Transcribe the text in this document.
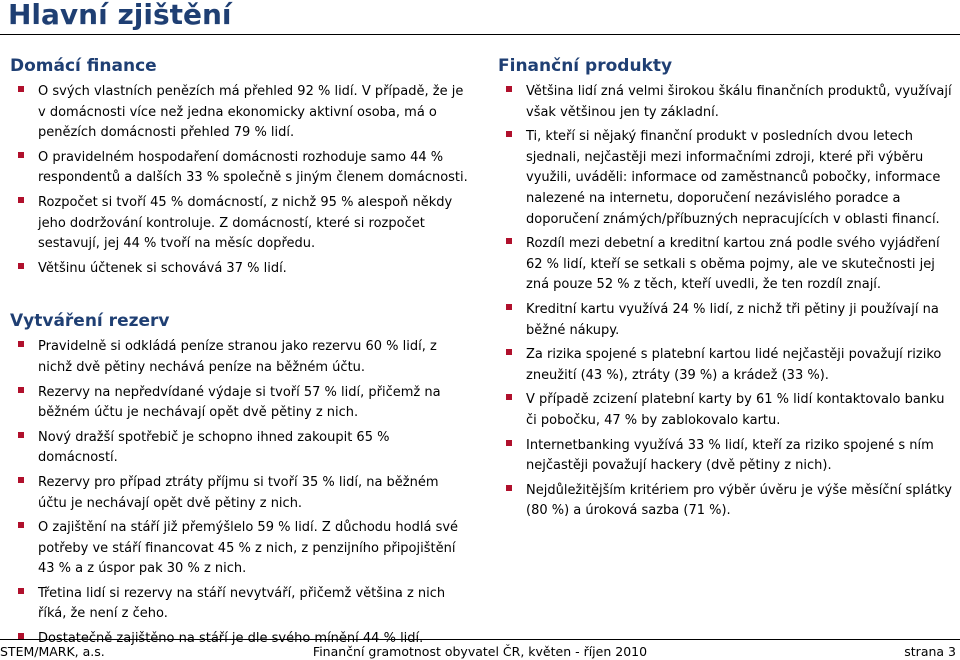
Hlavní zjištění
Domácí finance
O svých vlastních penězích má přehled 92 % lidí. V případě, že je v domácnosti více než jedna ekonomicky aktivní osoba, má o penězích domácnosti přehled 79 % lidí.
O pravidelném hospodaření domácnosti rozhoduje samo 44 % respondentů a dalších 33 % společně s jiným členem domácnosti.
Rozpočet si tvoří 45 % domácností, z nichž 95 % alespoň někdy jeho dodržování kontroluje. Z domácností, které si rozpočet sestavují, jej 44 % tvoří na měsíc dopředu.
Většinu účtenek si schovává 37 % lidí.
Vytváření rezerv
Pravidelně si odkládá peníze stranou jako rezervu 60 % lidí, z nichž dvě pětiny nechává peníze na běžném účtu.
Rezervy na nepředvídané výdaje si tvoří 57 % lidí, přičemž na běžném účtu je nechávají opět dvě pětiny z nich.
Nový dražší spotřebič je schopno ihned zakoupit 65 % domácností.
Rezervy pro případ ztráty příjmu si tvoří 35 % lidí, na běžném účtu je nechávají opět dvě pětiny z nich.
O zajištění na stáří již přemýšlelo 59 % lidí. Z důchodu hodlá své potřeby ve stáří financovat 45 % z nich, z penzijního připojištění 43 % a z úspor pak 30 % z nich.
Třetina lidí si rezervy na stáří nevytváří, přičemž většina z nich říká, že není z čeho.
Dostatečně zajištěno na stáří je dle svého mínění 44 % lidí.
Finanční produkty
Většina lidí zná velmi širokou škálu finančních produktů, využívají však většinou jen ty základní.
Ti, kteří si nějaký finanční produkt v posledních dvou letech sjednali, nejčastěji mezi informačními zdroji, které při výběru využili, uváděli: informace od zaměstnanců pobočky, informace nalezené na internetu, doporučení nezávislého poradce a doporučení známých/příbuzných nepracujících v oblasti financí.
Rozdíl mezi debetní a kreditní kartou zná podle svého vyjádření 62 % lidí, kteří se setkali s oběma pojmy, ale ve skutečnosti jej zná pouze 52 % z těch, kteří uvedli, že ten rozdíl znají.
Kreditní kartu využívá 24 % lidí, z nichž tři pětiny ji používají na běžné nákupy.
Za rizika spojené s platební kartou lidé nejčastěji považují riziko zneužití (43 %), ztráty (39 %) a krádež (33 %).
V případě zcizení platební karty by 61 % lidí kontaktovalo banku či pobočku, 47 % by zablokovalo kartu.
Internetbanking využívá 33 % lidí, kteří za riziko spojené s ním nejčastěji považují hackery (dvě pětiny z nich).
Nejdůležitějším kritériem pro výběr úvěru je výše měsíční splátky (80 %) a úroková sazba (71 %).
Finanční gramotnost obyvatel ČR, květen - říjen 2010
STEM/MARK, a.s.	strana 3
